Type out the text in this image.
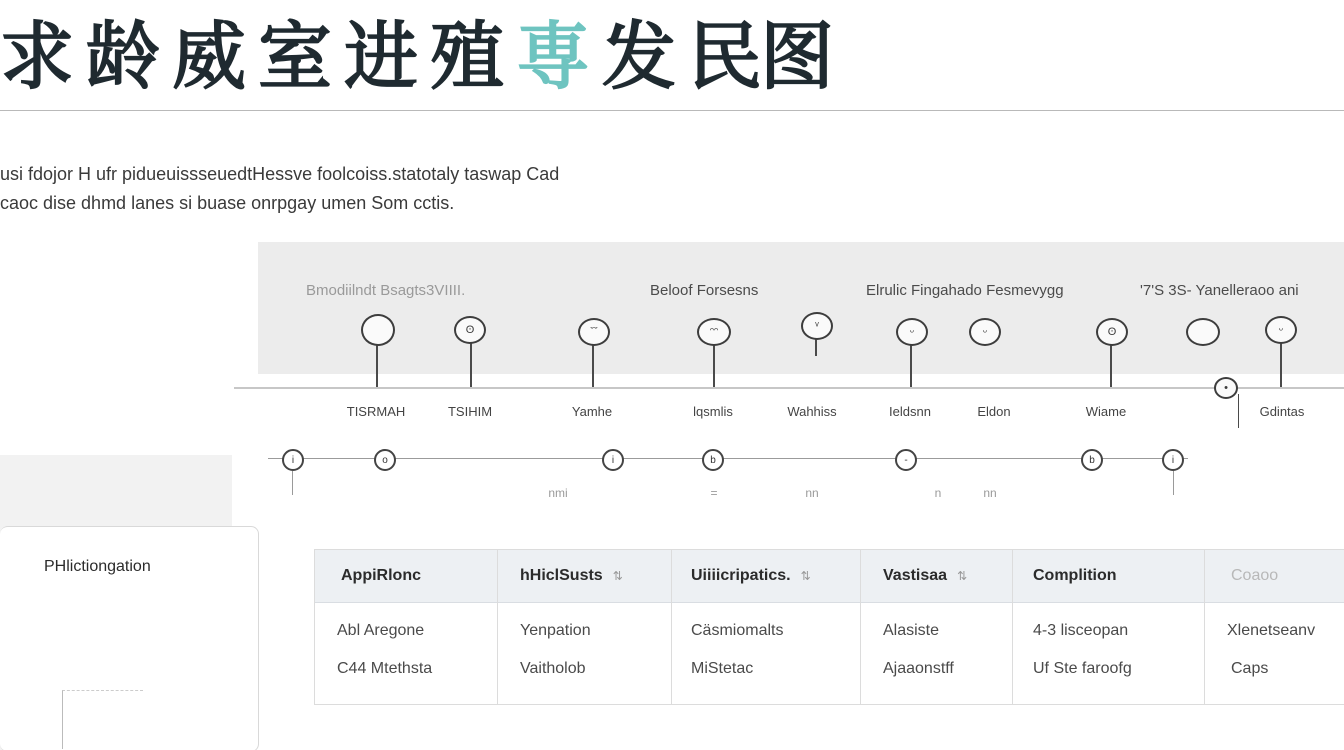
求 龄 威 室 进 殖 専 发 民图
usi fdojor H ufr pidueuissseuedtHessve foolcoiss.statotaly taswap Cad
caoc dise dhmd lanes si buase onrpgay umen Som cctis.
Bmodiilndt Bsagts3VIIII.	Beloof Forsesns	Elrulic Fingahado Fesmevygg	'7'S 3S- Yanelleraoo ani
ʘ	ˇˇ	ᵔᵔ	ᵛ	ᵕ	ᵕ	ʘ	ᵕ
•
TISRMAH	TSIHIM	Yamhe	lqsmlis	Wahhiss	Ieldsnn	Eldon	Wiame	Gdintas
i	o	i	b	-	b	i
nmi	=	nn	n	nn
PHlictiongation
AppiRlonc	hHiclSusts ⇅	Uiiiicripatics. ⇅	Vastisaa ⇅	Complition	Coaoo
Abl Aregone	Yenpation	Cäsmiomalts	Alasiste	4-3 lisceopan	Xlenetseanv
C44 Mtethsta	Vaitholob	MiStetac	Ajaaonstff	Uf Ste faroofg	Caps
